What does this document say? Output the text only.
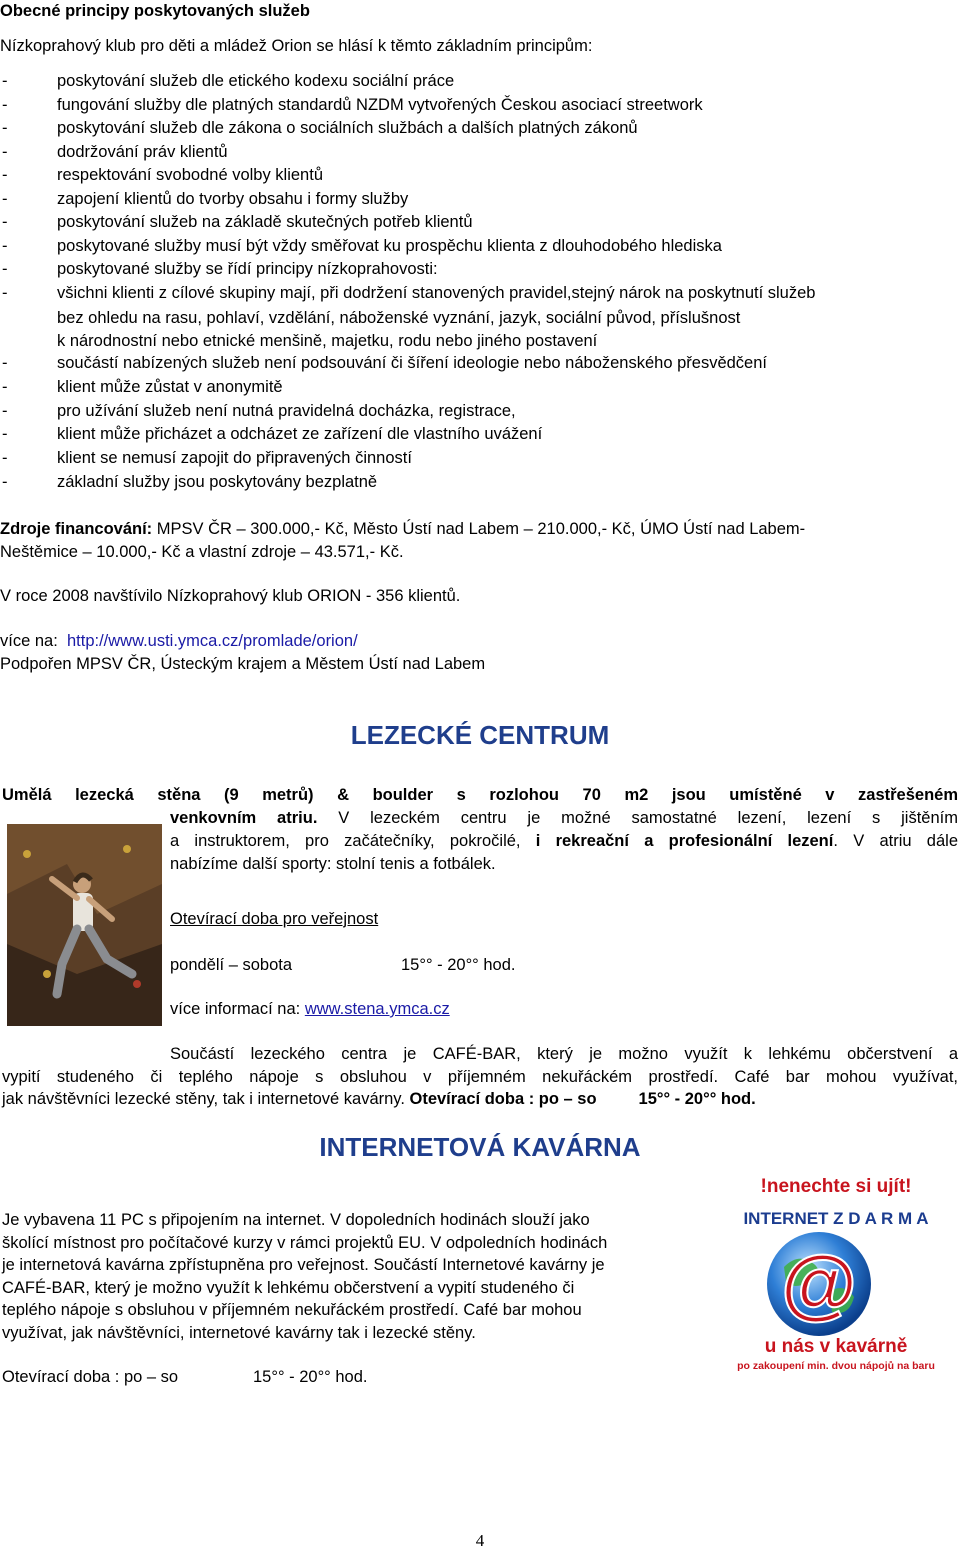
Obecné principy poskytovaných služeb
Nízkoprahový klub pro děti a mládež Orion se hlásí k těmto základním principům:
-	poskytování služeb dle etického kodexu sociální práce
-	fungování služby dle platných standardů NZDM vytvořených Českou asociací streetwork
-	poskytování služeb dle zákona o sociálních službách a dalších platných zákonů
-	dodržování práv klientů
-	respektování svobodné volby klientů
-	zapojení klientů do tvorby obsahu i formy služby
-	poskytování služeb na základě skutečných potřeb klientů
-	poskytované služby musí být vždy směřovat ku prospěchu klienta z dlouhodobého hlediska
-	poskytované služby se řídí principy nízkoprahovosti:
-	všichni klienti z cílové skupiny mají, při dodržení stanovených pravidel,stejný nárok na poskytnutí služeb
bez ohledu na rasu, pohlaví, vzdělání, náboženské vyznání, jazyk, sociální původ, příslušnost
k národnostní nebo etnické menšině, majetku, rodu nebo jiného postavení
-	součástí nabízených služeb není podsouvání či šíření ideologie nebo náboženského přesvědčení
-	klient může zůstat v anonymitě
-	pro užívání služeb není nutná pravidelná docházka, registrace,
-	klient může přicházet a odcházet ze zařízení dle vlastního uvážení
-	klient se nemusí zapojit do připravených činností
-	základní služby jsou poskytovány bezplatně
Zdroje financování: MPSV ČR – 300.000,- Kč, Město Ústí nad Labem – 210.000,- Kč, ÚMO Ústí nad Labem-
Neštěmice – 10.000,- Kč a vlastní zdroje – 43.571,- Kč.
V roce 2008 navštívilo Nízkoprahový klub ORION - 356 klientů.
více na: http://www.usti.ymca.cz/promlade/orion/
Podpořen MPSV ČR, Ústeckým krajem a Městem Ústí nad Labem
LEZECKÉ CENTRUM
Umělá lezecká stěna (9 metrů) & boulder s rozlohou 70 m2 jsou umístěné v zastřešeném
venkovním atriu. V lezeckém centru je možné samostatné lezení, lezení s jištěním
a instruktorem, pro začátečníky, pokročilé, i rekreační a profesionální lezení. V atriu dále
nabízíme další sporty: stolní tenis a fotbálek.
Otevírací doba pro veřejnost
pondělí – sobota	15°° - 20°° hod.
více informací na: www.stena.ymca.cz
Součástí lezeckého centra je CAFÉ-BAR, který je možno využít k lehkému občerstvení a
vypití studeného či teplého nápoje s obsluhou v příjemném nekuřáckém prostředí. Café bar mohou využívat,
jak návštěvníci lezecké stěny, tak i internetové kavárny. Otevírací doba : po – so	15°° - 20°° hod.
INTERNETOVÁ KAVÁRNA
Je vybavena 11 PC s připojením na internet. V dopoledních hodinách slouží jako
školící místnost pro počítačové kurzy v rámci projektů EU. V odpoledních hodinách
je internetová kavárna zpřístupněna pro veřejnost. Součástí Internetové kavárny je
CAFÉ-BAR, který je možno využít k lehkému občerstvení a vypití studeného či
teplého nápoje s obsluhou v příjemném nekuřáckém prostředí. Café bar mohou
využívat, jak návštěvníci, internetové kavárny tak i lezecké stěny.
Otevírací doba : po – so	15°° - 20°° hod.
!nenechte si ujít!
INTERNET Z D A R M A
@
u nás v kavárně
po zakoupení min. dvou nápojů na baru
4
